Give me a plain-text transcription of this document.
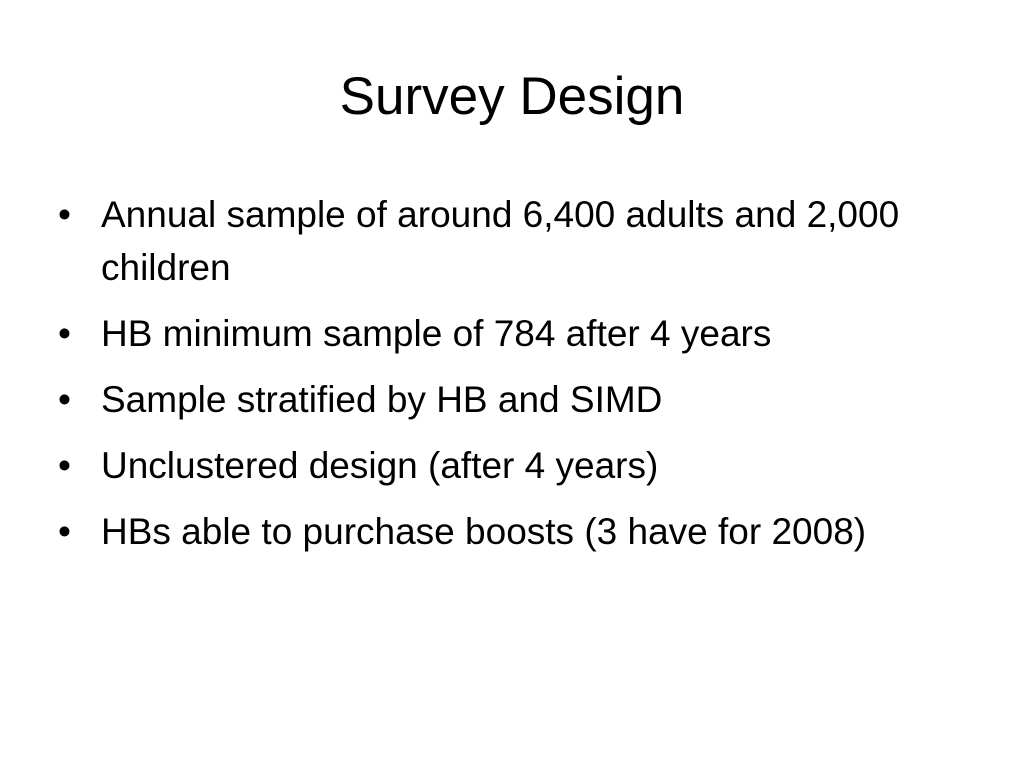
Survey Design
• Annual sample of around 6,400 adults and 2,000 children
• HB minimum sample of 784 after 4 years
• Sample stratified by HB and SIMD
• Unclustered design (after 4 years)
• HBs able to purchase boosts (3 have for 2008)
